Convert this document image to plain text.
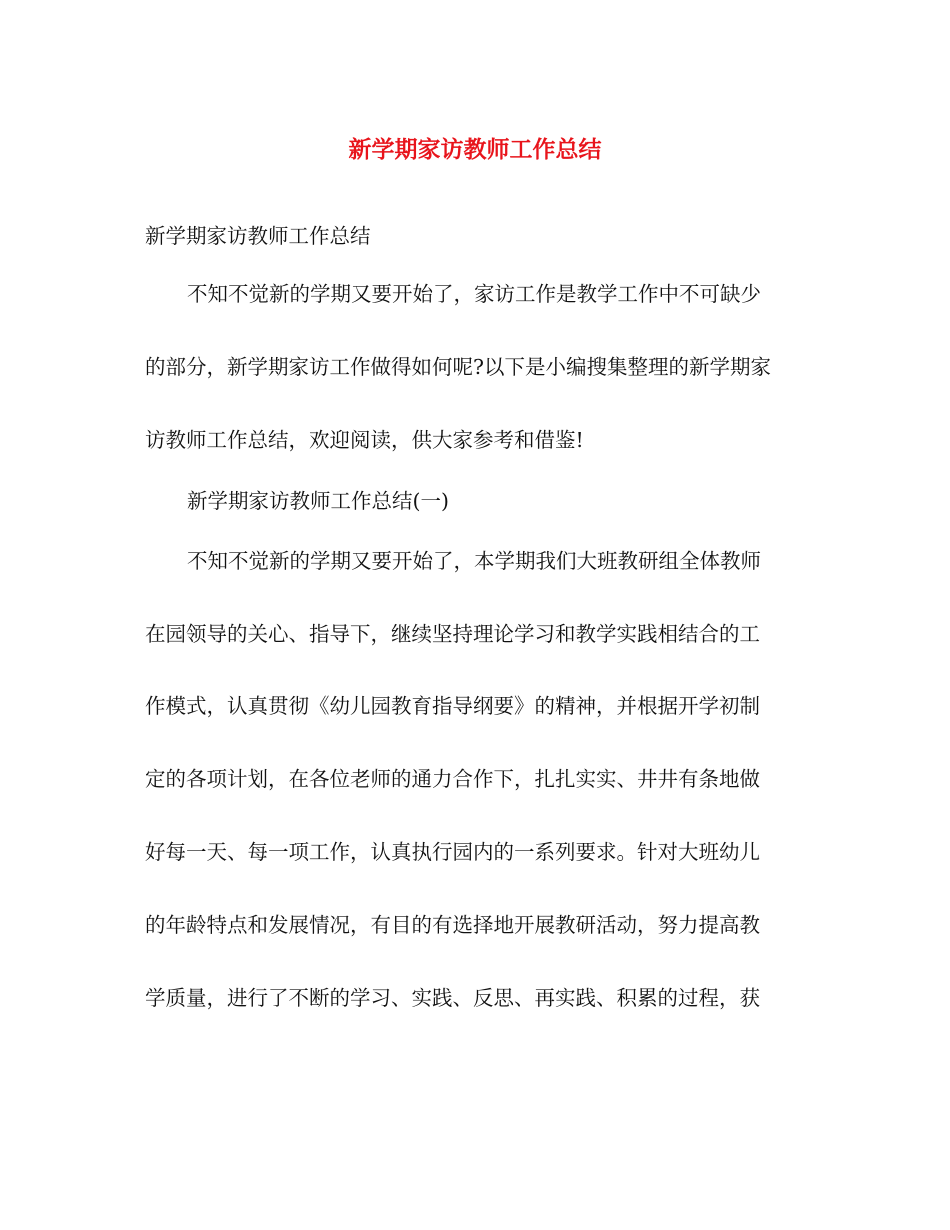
新学期家访教师工作总结

新学期家访教师工作总结

不知不觉新的学期又要开始了，家访工作是教学工作中不可缺少

的部分，新学期家访工作做得如何呢?以下是小编搜集整理的新学期家

访教师工作总结，欢迎阅读，供大家参考和借鉴!

新学期家访教师工作总结(一)

不知不觉新的学期又要开始了，本学期我们大班教研组全体教师

在园领导的关心、指导下，继续坚持理论学习和教学实践相结合的工

作模式，认真贯彻《幼儿园教育指导纲要》的精神，并根据开学初制

定的各项计划，在各位老师的通力合作下，扎扎实实、井井有条地做

好每一天、每一项工作，认真执行园内的一系列要求。针对大班幼儿

的年龄特点和发展情况，有目的有选择地开展教研活动，努力提高教

学质量，进行了不断的学习、实践、反思、再实践、积累的过程，获
